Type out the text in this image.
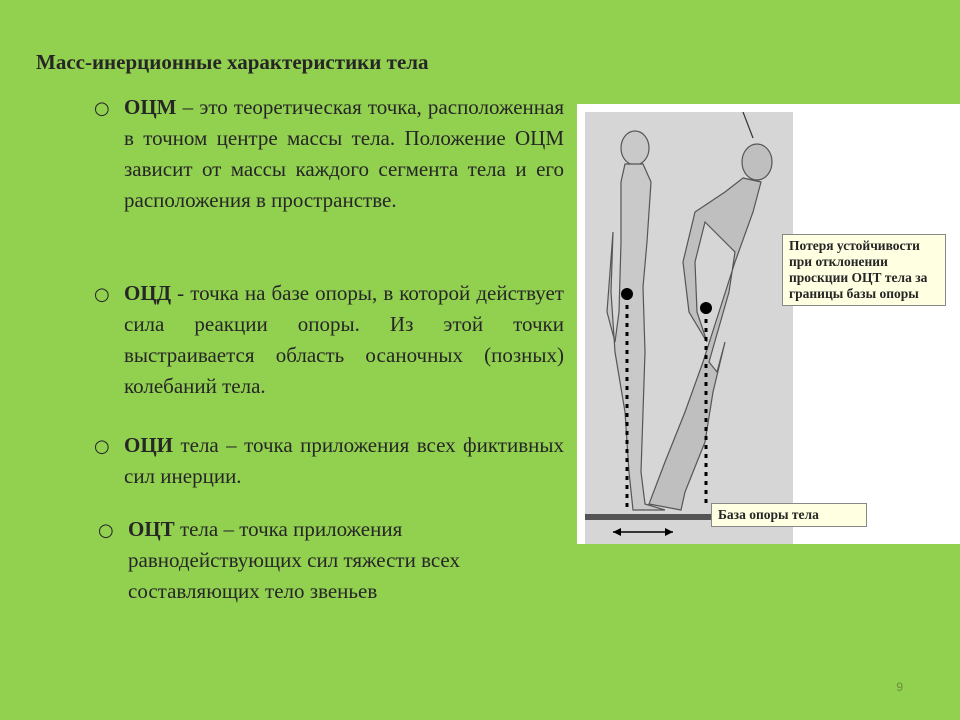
Масс-инерционные характеристики тела
○ ОЦМ – это теоретическая точка, расположенная в точном центре массы тела. Положение ОЦМ зависит от массы каждого сегмента тела и его расположения в пространстве.
○ ОЦД - точка на базе опоры, в которой действует сила реакции опоры. Из этой точки выстраивается область осаночных (позных) колебаний тела.
○ ОЦИ тела – точка приложения всех фиктивных сил инерции.
○ ОЦТ тела – точка приложения равнодействующих сил тяжести всех составляющих тело звеньев
Потеря устойчивости при отклонении проскции ОЦТ тела за границы базы опоры
База опоры тела
9
